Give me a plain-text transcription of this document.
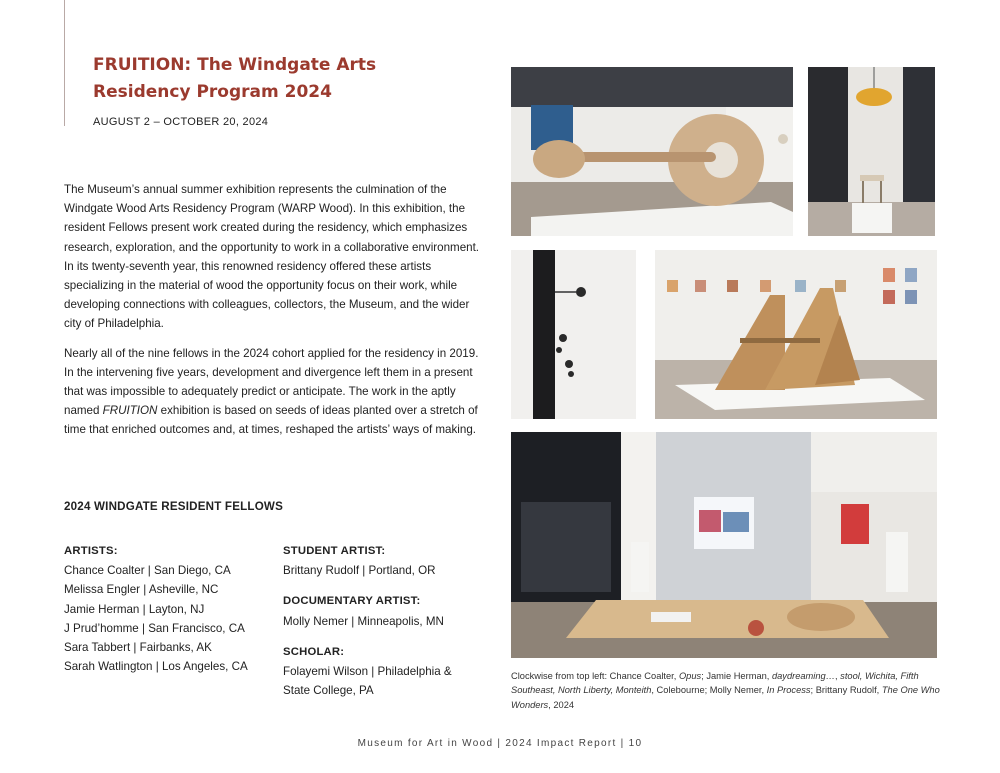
FRUITION: The Windgate Arts
Residency Program 2024
AUGUST 2 – OCTOBER 20, 2024

The Museum’s annual summer exhibition represents the culmination of the Windgate Wood Arts Residency Program (WARP Wood). In this exhibition, the resident Fellows present work created during the residency, which emphasizes research, exploration, and the opportunity to work in a collaborative environment. In its twenty-seventh year, this renowned residency offered these artists specializing in the material of wood the opportunity focus on their work, while developing connections with colleagues, collectors, the Museum, and the wider city of Philadelphia.

Nearly all of the nine fellows in the 2024 cohort applied for the residency in 2019. In the intervening five years, development and divergence left them in a present that was impossible to adequately predict or anticipate. The work in the aptly named FRUITION exhibition is based on seeds of ideas planted over a stretch of time that enriched outcomes and, at times, reshaped the artists’ ways of making.

2024 WINDGATE RESIDENT FELLOWS
ARTISTS:
Chance Coalter | San Diego, CA
Melissa Engler | Asheville, NC
Jamie Herman | Layton, NJ
J Prud’homme | San Francisco, CA
Sara Tabbert | Fairbanks, AK
Sarah Watlington | Los Angeles, CA
STUDENT ARTIST:
Brittany Rudolf | Portland, OR
DOCUMENTARY ARTIST:
Molly Nemer | Minneapolis, MN
SCHOLAR:
Folayemi Wilson | Philadelphia &
State College, PA

Clockwise from top left: Chance Coalter, Opus; Jamie Herman, daydreaming…, stool, Wichita, Fifth Southeast, North Liberty, Monteith, Colebourne; Molly Nemer, In Process; Brittany Rudolf, The One Who Wonders, 2024

Museum for Art in Wood | 2024 Impact Report | 10
